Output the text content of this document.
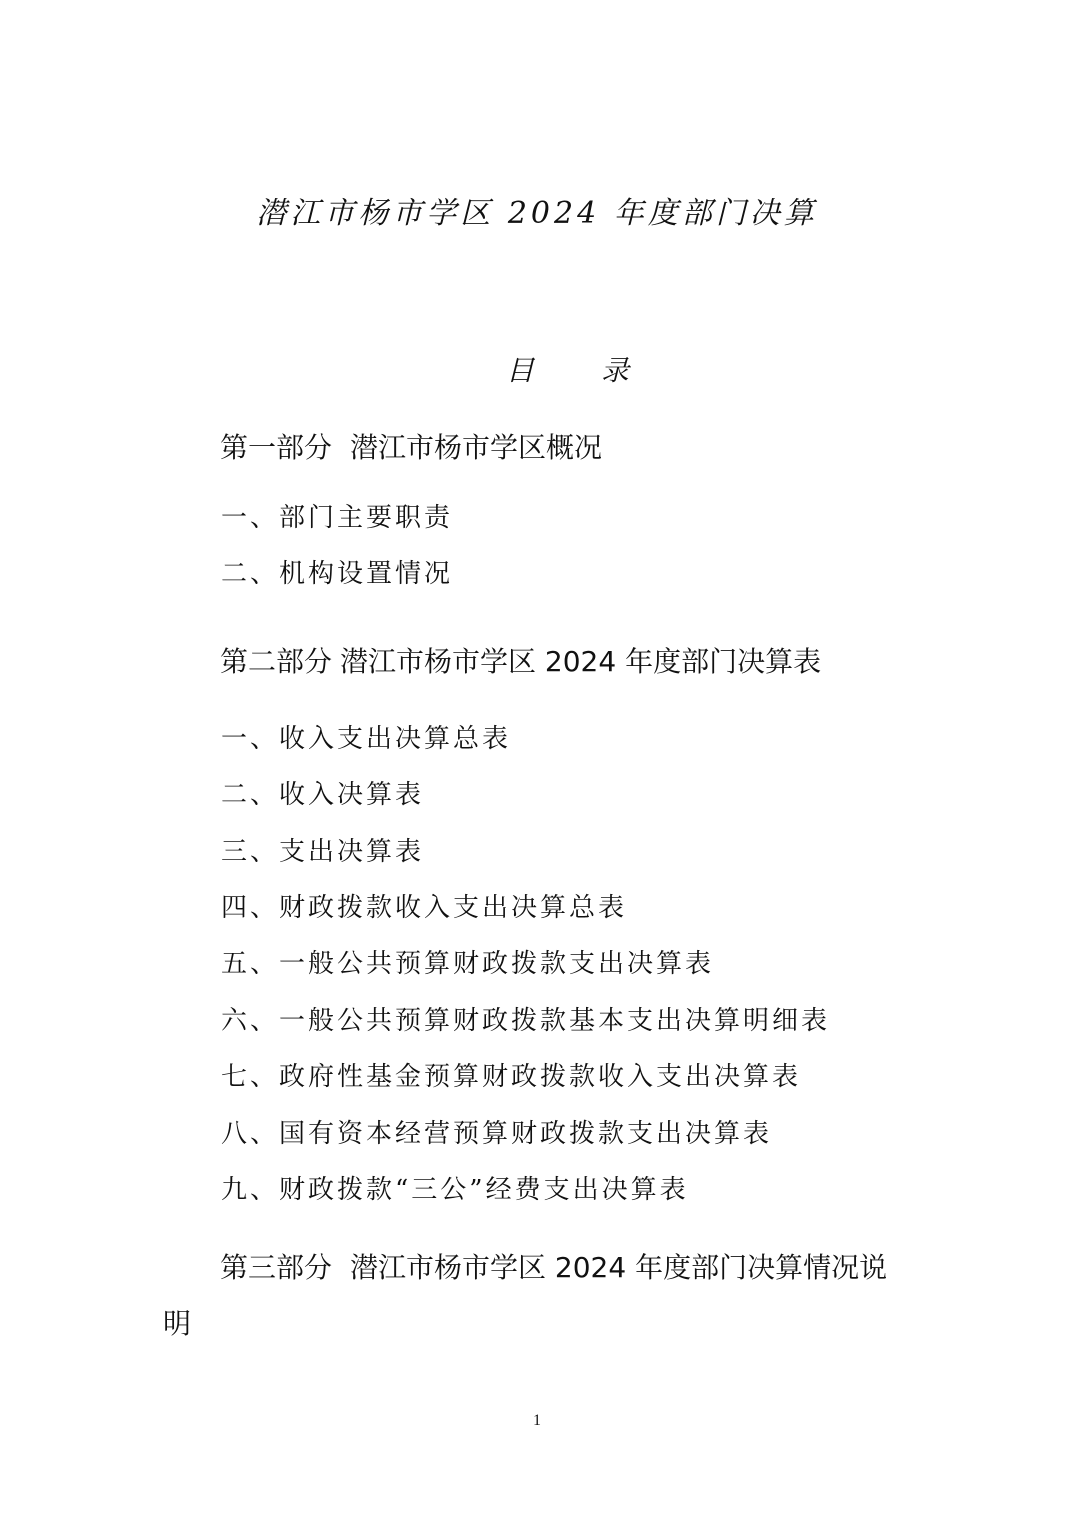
潜江市杨市学区 2024 年度部门决算
目 录
第一部分 潜江市杨市学区概况
一、部门主要职责
二、机构设置情况
第二部分 潜江市杨市学区 2024 年度部门决算表
一、收入支出决算总表
二、收入决算表
三、支出决算表
四、财政拨款收入支出决算总表
五、一般公共预算财政拨款支出决算表
六、一般公共预算财政拨款基本支出决算明细表
七、政府性基金预算财政拨款收入支出决算表
八、国有资本经营预算财政拨款支出决算表
九、财政拨款“三公”经费支出决算表
第三部分 潜江市杨市学区 2024 年度部门决算情况说
明
1
